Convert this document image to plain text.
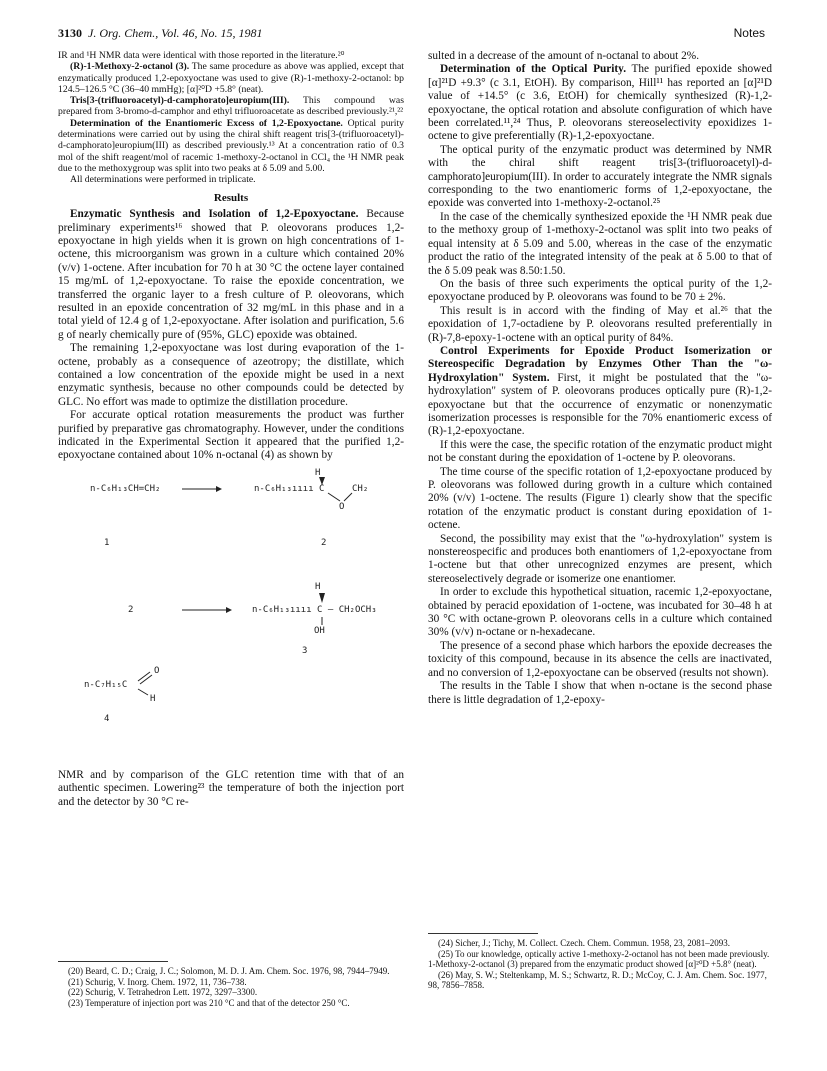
3130 J. Org. Chem., Vol. 46, No. 15, 1981	Notes

IR and ¹H NMR data were identical with those reported in the literature.²⁰

(R)-1-Methoxy-2-octanol (3). The same procedure as above was applied, except that enzymatically produced 1,2-epoxyoctane was used to give (R)-1-methoxy-2-octanol: bp 124.5–126.5 °C (36–40 mmHg); [α]²⁰D +5.8° (neat).

Tris[3-(trifluoroacetyl)-d-camphorato]europium(III). This compound was prepared from 3-bromo-d-camphor and ethyl trifluoroacetate as described previously.²¹,²²

Determination of the Enantiomeric Excess of 1,2-Epoxyoctane. Optical purity determinations were carried out by using the chiral shift reagent tris[3-(trifluoroacetyl)-d-camphorato]europium(III) as described previously.¹³ At a concentration ratio of 0.3 mol of the shift reagent/mol of racemic 1-methoxy-2-octanol in CCl₄ the ¹H NMR peak due to the methoxygroup was split into two peaks at δ 5.09 and 5.00.

All determinations were performed in triplicate.

Results

Enzymatic Synthesis and Isolation of 1,2-Epoxyoctane. Because preliminary experiments¹⁶ showed that P. oleovorans produces 1,2-epoxyoctane in high yields when it is grown on high concentrations of 1-octene, this microorganism was grown in a culture which contained 20% (v/v) 1-octene. After incubation for 70 h at 30 °C the octene layer contained 15 mg/mL of 1,2-epoxyoctane. To raise the epoxide concentration, we transferred the organic layer to a fresh culture of P. oleovorans, which resulted in an epoxide concentration of 32 mg/mL in this phase and in a total yield of 12.4 g of 1,2-epoxyoctane. After isolation and purification, 5.6 g of nearly chemically pure of (95%, GLC) epoxide was obtained.

The remaining 1,2-epoxyoctane was lost during evaporation of the 1-octene, probably as a consequence of azeotropy; the distillate, which contained a low concentration of the epoxide might be used in a next enzymatic synthesis, because no other compounds could be detected by GLC. No effort was made to optimize the distillation procedure.

For accurate optical rotation measurements the product was further purified by preparative gas chromatography. However, under the conditions indicated in the Experimental Section it appeared that the purified 1,2-epoxyoctane contained about 10% n-octanal (4) as shown by

H
n-C₆H₁₃CH=CH₂	n-C₆H₁₃ıııı C	CH₂
O
1	2
H
2	n-C₆H₁₃ıııı C — CH₂OCH₃
OH
3
O
n-C₇H₁₅C
H
4

NMR and by comparison of the GLC retention time with that of an authentic specimen. Lowering²³ the temperature of both the injection port and the detector by 30 °C re-

(20) Beard, C. D.; Craig, J. C.; Solomon, M. D. J. Am. Chem. Soc. 1976, 98, 7944–7949.

(21) Schurig, V. Inorg. Chem. 1972, 11, 736–738.

(22) Schurig, V. Tetrahedron Lett. 1972, 3297–3300.

(23) Temperature of injection port was 210 °C and that of the detector 250 °C.

sulted in a decrease of the amount of n-octanal to about 2%.

Determination of the Optical Purity. The purified epoxide showed [α]²¹D +9.3° (c 3.1, EtOH). By comparison, Hill¹¹ has reported an [α]²¹D value of +14.5° (c 3.6, EtOH) for chemically synthesized (R)-1,2-epoxyoctane, the optical rotation and absolute configuration of which have been correlated.¹¹,²⁴ Thus, P. oleovorans stereoselectivity epoxidizes 1-octene to give preferentially (R)-1,2-epoxyoctane.

The optical purity of the enzymatic product was determined by NMR with the chiral shift reagent tris[3-(trifluoroacetyl)-d-camphorato]europium(III). In order to accurately integrate the NMR signals corresponding to the two enantiomeric forms of 1,2-epoxyoctane, the epoxide was converted into 1-methoxy-2-octanol.²⁵

In the case of the chemically synthesized epoxide the ¹H NMR peak due to the methoxy group of 1-methoxy-2-octanol was split into two peaks of equal intensity at δ 5.09 and 5.00, whereas in the case of the enzymatic product the ratio of the integrated intensity of the peak at δ 5.00 to that of the δ 5.09 peak was 8.50:1.50.

On the basis of three such experiments the optical purity of the 1,2-epoxyoctane produced by P. oleovorans was found to be 70 ± 2%.

This result is in accord with the finding of May et al.²⁶ that the epoxidation of 1,7-octadiene by P. oleovorans resulted preferentially in (R)-7,8-epoxy-1-octene with an optical purity of 84%.

Control Experiments for Epoxide Product Isomerization or Stereospecific Degradation by Enzymes Other Than the "ω-Hydroxylation" System. First, it might be postulated that the "ω-hydroxylation" system of P. oleovorans produces optically pure (R)-1,2-epoxyoctane but that the occurrence of enzymatic or nonenzymatic isomerization processes is responsible for the 70% enantiomeric excess of (R)-1,2-epoxyoctane.

If this were the case, the specific rotation of the enzymatic product might not be constant during the epoxidation of 1-octene by P. oleovorans.

The time course of the specific rotation of 1,2-epoxyoctane produced by P. oleovorans was followed during growth in a culture which contained 20% (v/v) 1-octene. The results (Figure 1) clearly show that the specific rotation of the enzymatic product is constant during epoxidation of 1-octene.

Second, the possibility may exist that the "ω-hydroxylation" system is nonstereospecific and produces both enantiomers of 1,2-epoxyoctane from 1-octene but that other unrecognized enzymes are present, which stereoselectively degrade or isomerize one enantiomer.

In order to exclude this hypothetical situation, racemic 1,2-epoxyoctane, obtained by peracid epoxidation of 1-octene, was incubated for 30–48 h at 30 °C with octane-grown P. oleovorans cells in a culture which contained 30% (v/v) n-octane or n-hexadecane.

The presence of a second phase which harbors the epoxide decreases the toxicity of this compound, because in its absence the cells are inactivated, and no conversion of 1,2-epoxyoctane can be observed (results not shown).

The results in the Table I show that when n-octane is the second phase there is little degradation of 1,2-epoxy-

(24) Sicher, J.; Tichy, M. Collect. Czech. Chem. Commun. 1958, 23, 2081–2093.

(25) To our knowledge, optically active 1-methoxy-2-octanol has not been made previously. 1-Methoxy-2-octanol (3) prepared from the enzymatic product showed [α]²⁰D +5.8° (neat).

(26) May, S. W.; Steltenkamp, M. S.; Schwartz, R. D.; McCoy, C. J. Am. Chem. Soc. 1977, 98, 7856–7858.
